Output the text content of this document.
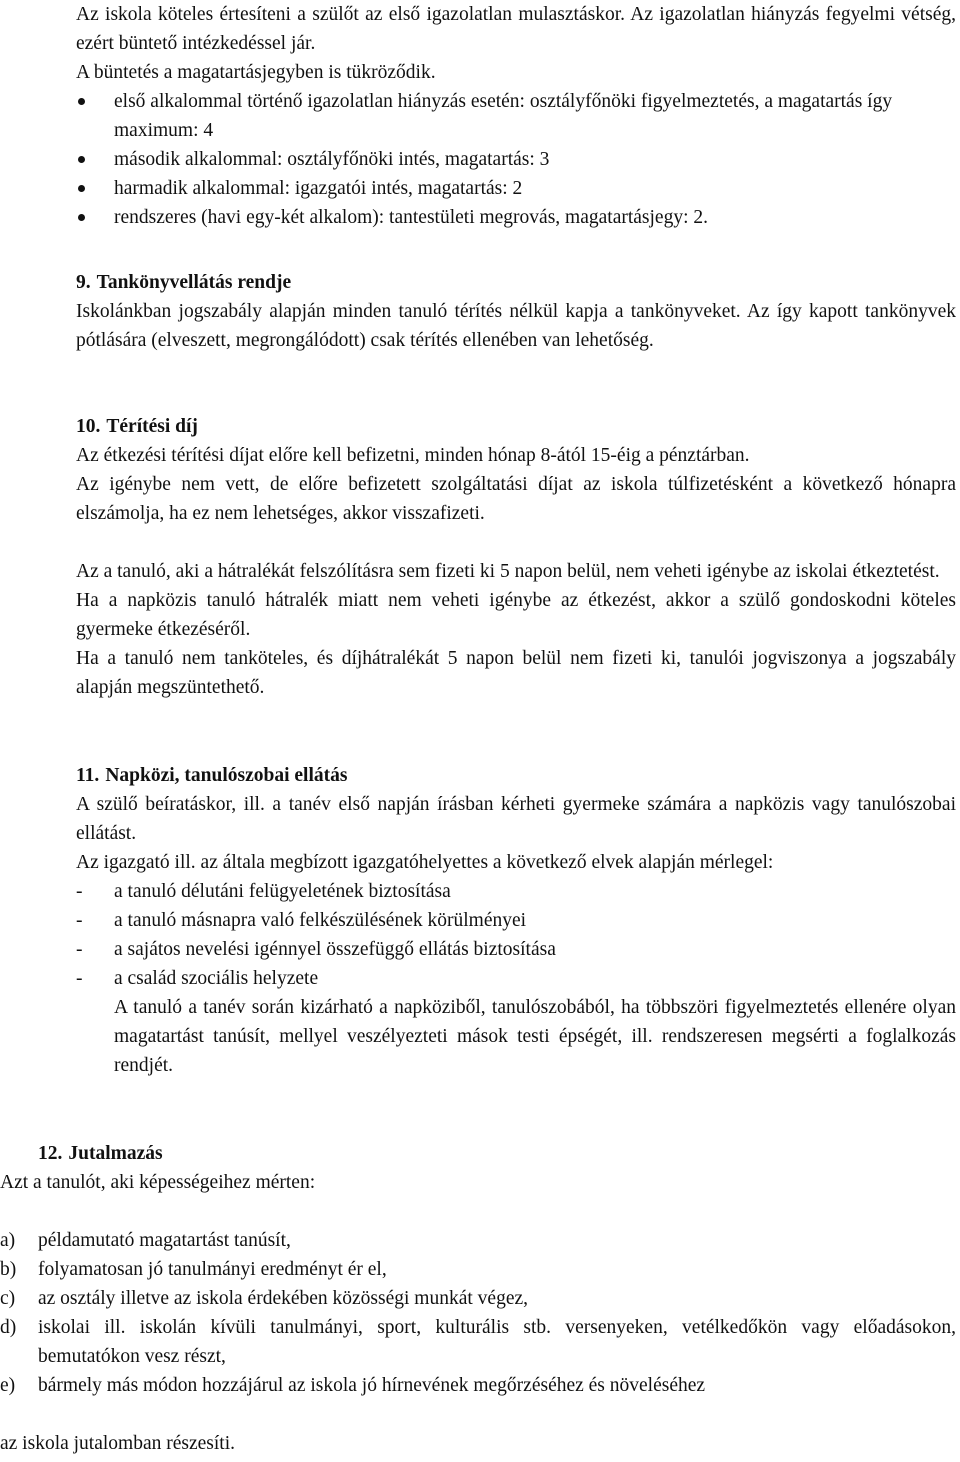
Az iskola köteles értesíteni a szülőt az első igazolatlan mulasztáskor. Az igazolatlan hiányzás fegyelmi vétség, ezért büntető intézkedéssel jár.

A büntetés a magatartásjegyben is tükröződik.

első alkalommal történő igazolatlan hiányzás esetén: osztályfőnöki figyelmeztetés, a magatartás így maximum: 4
második alkalommal: osztályfőnöki intés, magatartás: 3
harmadik alkalommal: igazgatói intés, magatartás: 2
rendszeres (havi egy-két alkalom): tantestületi megrovás, magatartásjegy: 2.

9. Tankönyvellátás rendje

Iskolánkban jogszabály alapján minden tanuló térítés nélkül kapja a tankönyveket. Az így kapott tankönyvek pótlására (elveszett, megrongálódott) csak térítés ellenében van lehetőség.

10. Térítési díj

Az étkezési térítési díjat előre kell befizetni, minden hónap 8-ától 15-éig a pénztárban.

Az igénybe nem vett, de előre befizetett szolgáltatási díjat az iskola túlfizetésként a következő hónapra elszámolja, ha ez nem lehetséges, akkor visszafizeti.

Az a tanuló, aki a hátralékát felszólításra sem fizeti ki 5 napon belül, nem veheti igénybe az iskolai étkeztetést.

Ha a napközis tanuló hátralék miatt nem veheti igénybe az étkezést, akkor a szülő gondoskodni köteles gyermeke étkezéséről.

Ha a tanuló nem tanköteles, és díjhátralékát 5 napon belül nem fizeti ki, tanulói jogviszonya a jogszabály alapján megszüntethető.

11. Napközi, tanulószobai ellátás

A szülő beíratáskor, ill. a tanév első napján írásban kérheti gyermeke számára a napközis vagy tanulószobai ellátást.

Az igazgató ill. az általa megbízott igazgatóhelyettes a következő elvek alapján mérlegel:

- a tanuló délutáni felügyeletének biztosítása
- a tanuló másnapra való felkészülésének körülményei
- a sajátos nevelési igénnyel összefüggő ellátás biztosítása
- a család szociális helyzete

A tanuló a tanév során kizárható a napköziből, tanulószobából, ha többszöri figyelmeztetés ellenére olyan magatartást tanúsít, mellyel veszélyezteti mások testi épségét, ill. rendszeresen megsérti a foglalkozás rendjét.

12. Jutalmazás

Azt a tanulót, aki képességeihez mérten:

a) példamutató magatartást tanúsít,
b) folyamatosan jó tanulmányi eredményt ér el,
c) az osztály illetve az iskola érdekében közösségi munkát végez,
d) iskolai ill. iskolán kívüli tanulmányi, sport, kulturális stb. versenyeken, vetélkedőkön vagy előadásokon, bemutatókon vesz részt,
e) bármely más módon hozzájárul az iskola jó hírnevének megőrzéséhez és növeléséhez

az iskola jutalomban részesíti.
